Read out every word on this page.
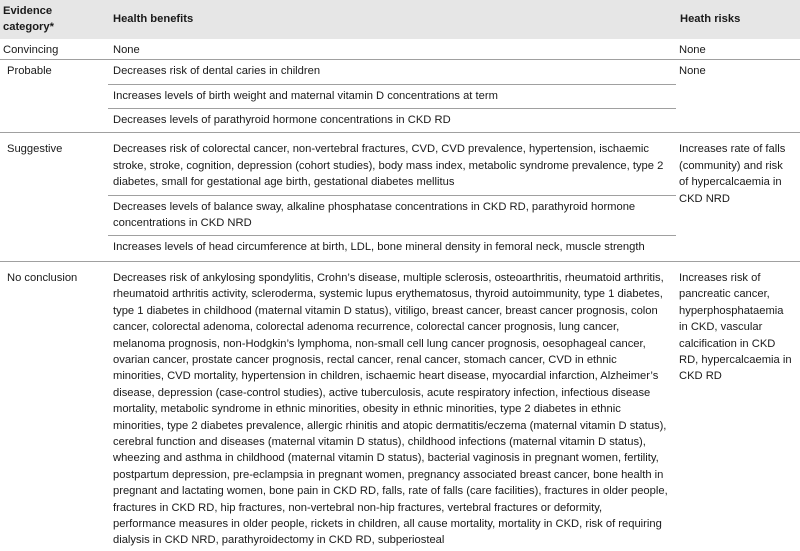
Evidence category*	Health benefits	Heath risks
Convincing	None	None
Probable	Decreases risk of dental caries in children	None
	Increases levels of birth weight and maternal vitamin D concentrations at term	
	Decreases levels of parathyroid hormone concentrations in CKD RD	
Suggestive	Decreases risk of colorectal cancer, non-vertebral fractures, CVD, CVD prevalence, hypertension, ischaemic stroke, stroke, cognition, depression (cohort studies), body mass index, metabolic syndrome prevalence, type 2 diabetes, small for gestational age birth, gestational diabetes mellitus	Increases rate of falls (community) and risk of hypercalcaemia in CKD NRD
	Decreases levels of balance sway, alkaline phosphatase concentrations in CKD RD, parathyroid hormone concentrations in CKD NRD	
	Increases levels of head circumference at birth, LDL, bone mineral density in femoral neck, muscle strength	
No conclusion	Decreases risk of ankylosing spondylitis, Crohn’s disease, multiple sclerosis, osteoarthritis, rheumatoid arthritis, rheumatoid arthritis activity, scleroderma, systemic lupus erythematosus, thyroid autoimmunity, type 1 diabetes, type 1 diabetes in childhood (maternal vitamin D status), vitiligo, breast cancer, breast cancer prognosis, colon cancer, colorectal adenoma, colorectal adenoma recurrence, colorectal cancer prognosis, lung cancer, melanoma prognosis, non-Hodgkin’s lymphoma, non-small cell lung cancer prognosis, oesophageal cancer, ovarian cancer, prostate cancer prognosis, rectal cancer, renal cancer, stomach cancer, CVD in ethnic minorities, CVD mortality, hypertension in children, ischaemic heart disease, myocardial infarction, Alzheimer’s disease, depression (case-control studies), active tuberculosis, acute respiratory infection, infectious disease mortality, metabolic syndrome in ethnic minorities, obesity in ethnic minorities, type 2 diabetes in ethnic minorities, type 2 diabetes prevalence, allergic rhinitis and atopic dermatitis/eczema (maternal vitamin D status), cerebral function and diseases (maternal vitamin D status), childhood infections (maternal vitamin D status), wheezing and asthma in childhood (maternal vitamin D status), bacterial vaginosis in pregnant women, fertility, postpartum depression, pre-eclampsia in pregnant women, pregnancy associated breast cancer, bone health in pregnant and lactating women, bone pain in CKD RD, falls, rate of falls (care facilities), fractures in older people, fractures in CKD RD, hip fractures, non-vertebral non-hip fractures, vertebral fractures or deformity, performance measures in older people, rickets in children, all cause mortality, mortality in CKD, risk of requiring dialysis in CKD NRD, parathyroidectomy in CKD RD, subperiosteal	Increases risk of pancreatic cancer, hyperphosphataemia in CKD, vascular calcification in CKD RD, hypercalcaemia in CKD RD
